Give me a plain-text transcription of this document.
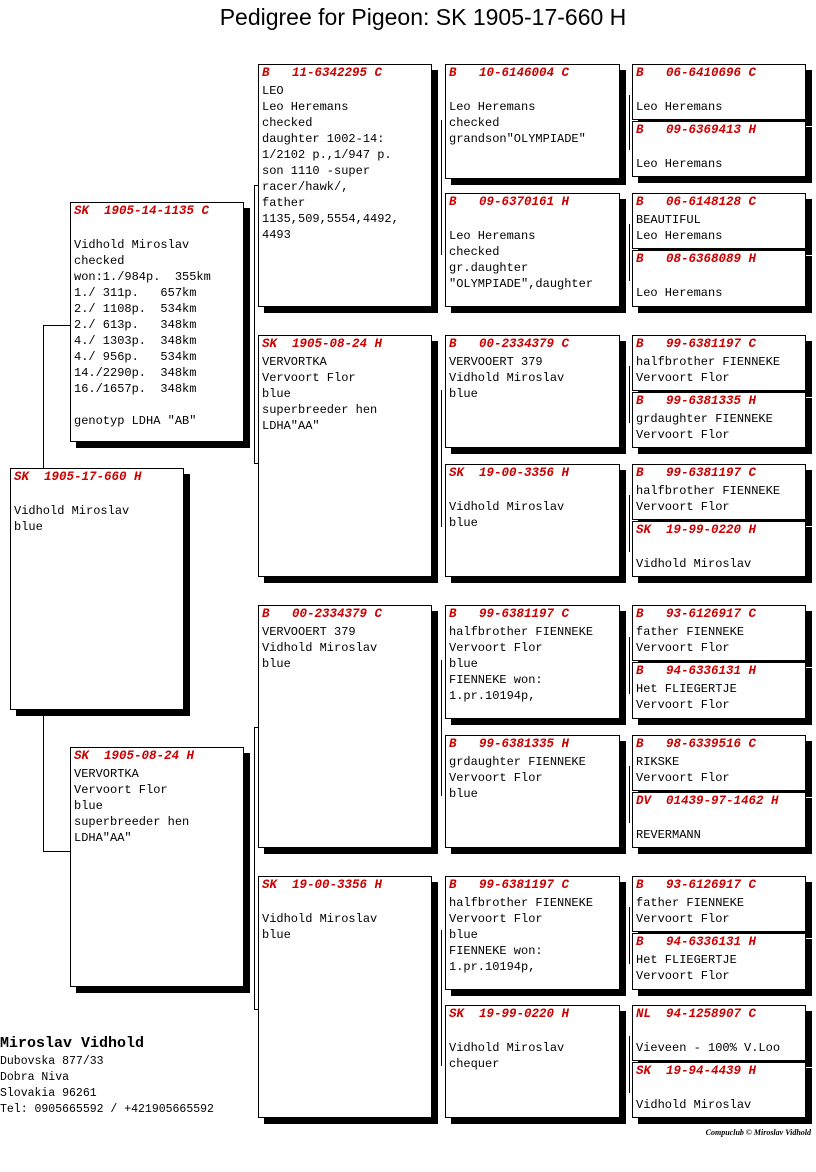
Pedigree for Pigeon: SK 1905-17-660 H
SK  1905-17-660 H

Vidhold Miroslav
blue
SK  1905-14-1135 C

Vidhold Miroslav
checked
won:1./984p.  355km
1./ 311p.   657km
2./ 1108p.  534km
2./ 613p.   348km
4./ 1303p.  348km
4./ 956p.   534km
14./2290p.  348km
16./1657p.  348km

genotyp LDHA "AB"
SK  1905-08-24 H
VERVORTKA
Vervoort Flor
blue
superbreeder hen
LDHA"AA"
B   11-6342295 C
LEO
Leo Heremans
checked
daughter 1002-14:
1/2102 p.,1/947 p.
son 1110 -super
racer/hawk/,
father
1135,509,5554,4492,
4493
SK  1905-08-24 H
VERVORTKA
Vervoort Flor
blue
superbreeder hen
LDHA"AA"
B   00-2334379 C
VERVOOERT 379
Vidhold Miroslav
blue
SK  19-00-3356 H

Vidhold Miroslav
blue
B   10-6146004 C

Leo Heremans
checked
grandson"OLYMPIADE"
B   09-6370161 H

Leo Heremans
checked
gr.daughter
"OLYMPIADE",daughter
B   00-2334379 C
VERVOOERT 379
Vidhold Miroslav
blue
SK  19-00-3356 H

Vidhold Miroslav
blue
B   99-6381197 C
halfbrother FIENNEKE
Vervoort Flor
blue
FIENNEKE won:
1.pr.10194p,
B   99-6381335 H
grdaughter FIENNEKE
Vervoort Flor
blue
B   99-6381197 C
halfbrother FIENNEKE
Vervoort Flor
blue
FIENNEKE won:
1.pr.10194p,
SK  19-99-0220 H

Vidhold Miroslav
chequer
B   06-6410696 C

Leo Heremans
B   09-6369413 H

Leo Heremans
B   06-6148128 C
BEAUTIFUL
Leo Heremans
B   08-6368089 H

Leo Heremans
B   99-6381197 C
halfbrother FIENNEKE
Vervoort Flor
B   99-6381335 H
grdaughter FIENNEKE
Vervoort Flor
B   99-6381197 C
halfbrother FIENNEKE
Vervoort Flor
SK  19-99-0220 H

Vidhold Miroslav
B   93-6126917 C
father FIENNEKE
Vervoort Flor
B   94-6336131 H
Het FLIEGERTJE
Vervoort Flor
B   98-6339516 C
RIKSKE
Vervoort Flor
DV  01439-97-1462 H

REVERMANN
B   93-6126917 C
father FIENNEKE
Vervoort Flor
B   94-6336131 H
Het FLIEGERTJE
Vervoort Flor
NL  94-1258907 C

Vieveen - 100% V.Loo
SK  19-94-4439 H

Vidhold Miroslav
Miroslav Vidhold
Dubovska 877/33
Dobra Niva
Slovakia 96261
Tel: 0905665592 / +421905665592
Compuclub © Miroslav Vidhold
